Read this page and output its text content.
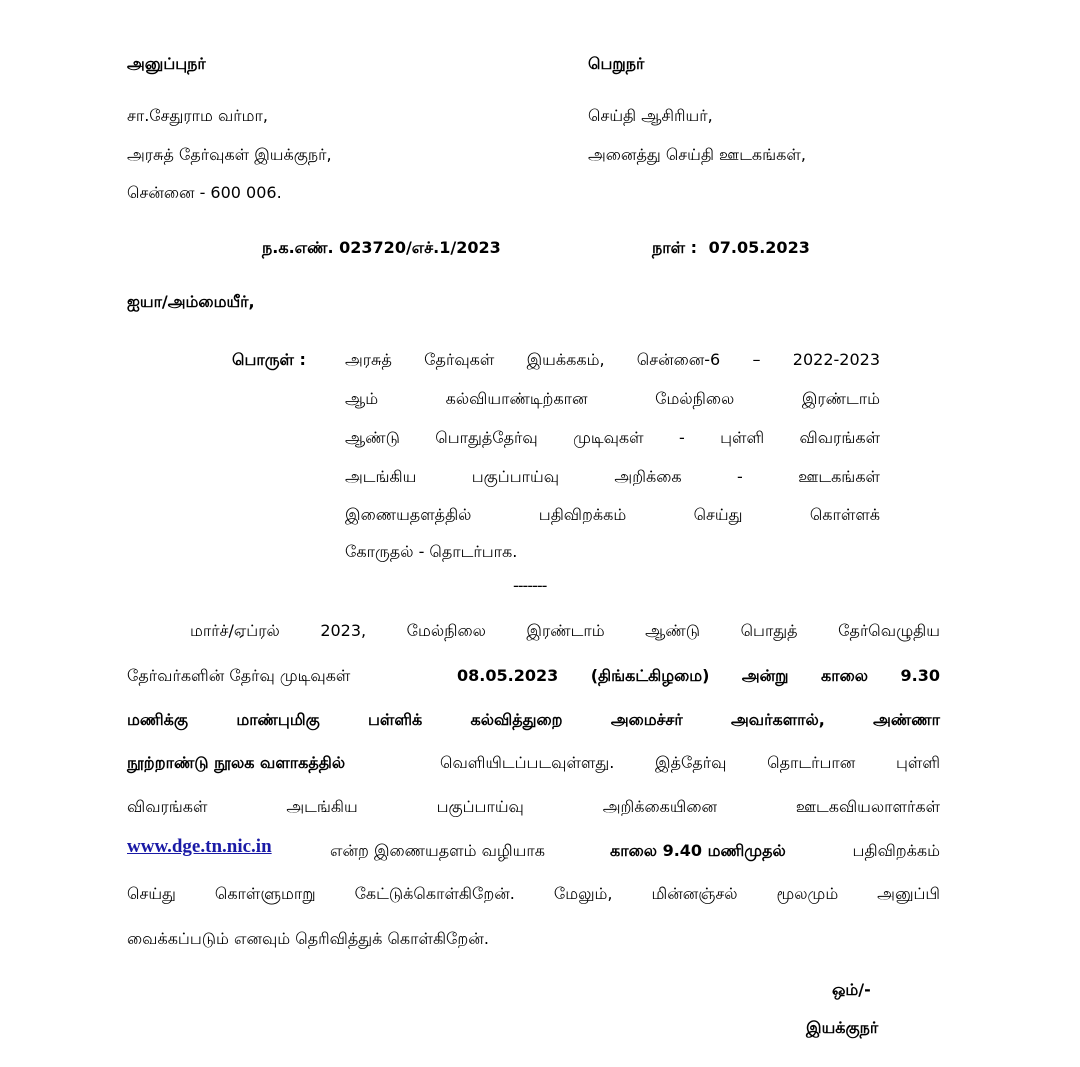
அனுப்புநர்	பெறுநர்
சா.சேதுராம வர்மா,	செய்தி ஆசிரியர்,
அரசுத் தேர்வுகள் இயக்குநர்,	அனைத்து செய்தி ஊடகங்கள்,
சென்னை - 600 006.
ந.க.எண். 023720/எச்.1/2023	நாள் : 07.05.2023
ஐயா/அம்மையீர்,
பொருள் : அரசுத் தேர்வுகள் இயக்ககம், சென்னை-6 – 2022-2023
ஆம் கல்வியாண்டிற்கான மேல்நிலை இரண்டாம்
ஆண்டு பொதுத்தேர்வு முடிவுகள் - புள்ளி விவரங்கள்
அடங்கிய பகுப்பாய்வு அறிக்கை - ஊடகங்கள்
இணையதளத்தில் பதிவிறக்கம் செய்து கொள்ளக்
கோருதல் - தொடர்பாக.
-------
மார்ச்/ஏப்ரல் 2023, மேல்நிலை இரண்டாம் ஆண்டு பொதுத் தேர்வெழுதிய
தேர்வர்களின் தேர்வு முடிவுகள்	08.05.2023 (திங்கட்கிழமை) அன்று காலை 9.30
மணிக்கு மாண்புமிகு பள்ளிக் கல்வித்துறை அமைச்சர் அவர்களால், அண்ணா
நூற்றாண்டு நூலக வளாகத்தில்	வெளியிடப்படவுள்ளது. இத்தேர்வு தொடர்பான புள்ளி
விவரங்கள் அடங்கிய பகுப்பாய்வு அறிக்கையினை ஊடகவியலாளர்கள்
www.dge.tn.nic.in	என்ற இணையதளம் வழியாக	காலை 9.40 மணிமுதல்	பதிவிறக்கம்
செய்து கொள்ளுமாறு கேட்டுக்கொள்கிறேன். மேலும், மின்னஞ்சல் மூலமும் அனுப்பி
வைக்கப்படும் எனவும் தெரிவித்துக் கொள்கிறேன்.
ஒம்/-
இயக்குநர்
